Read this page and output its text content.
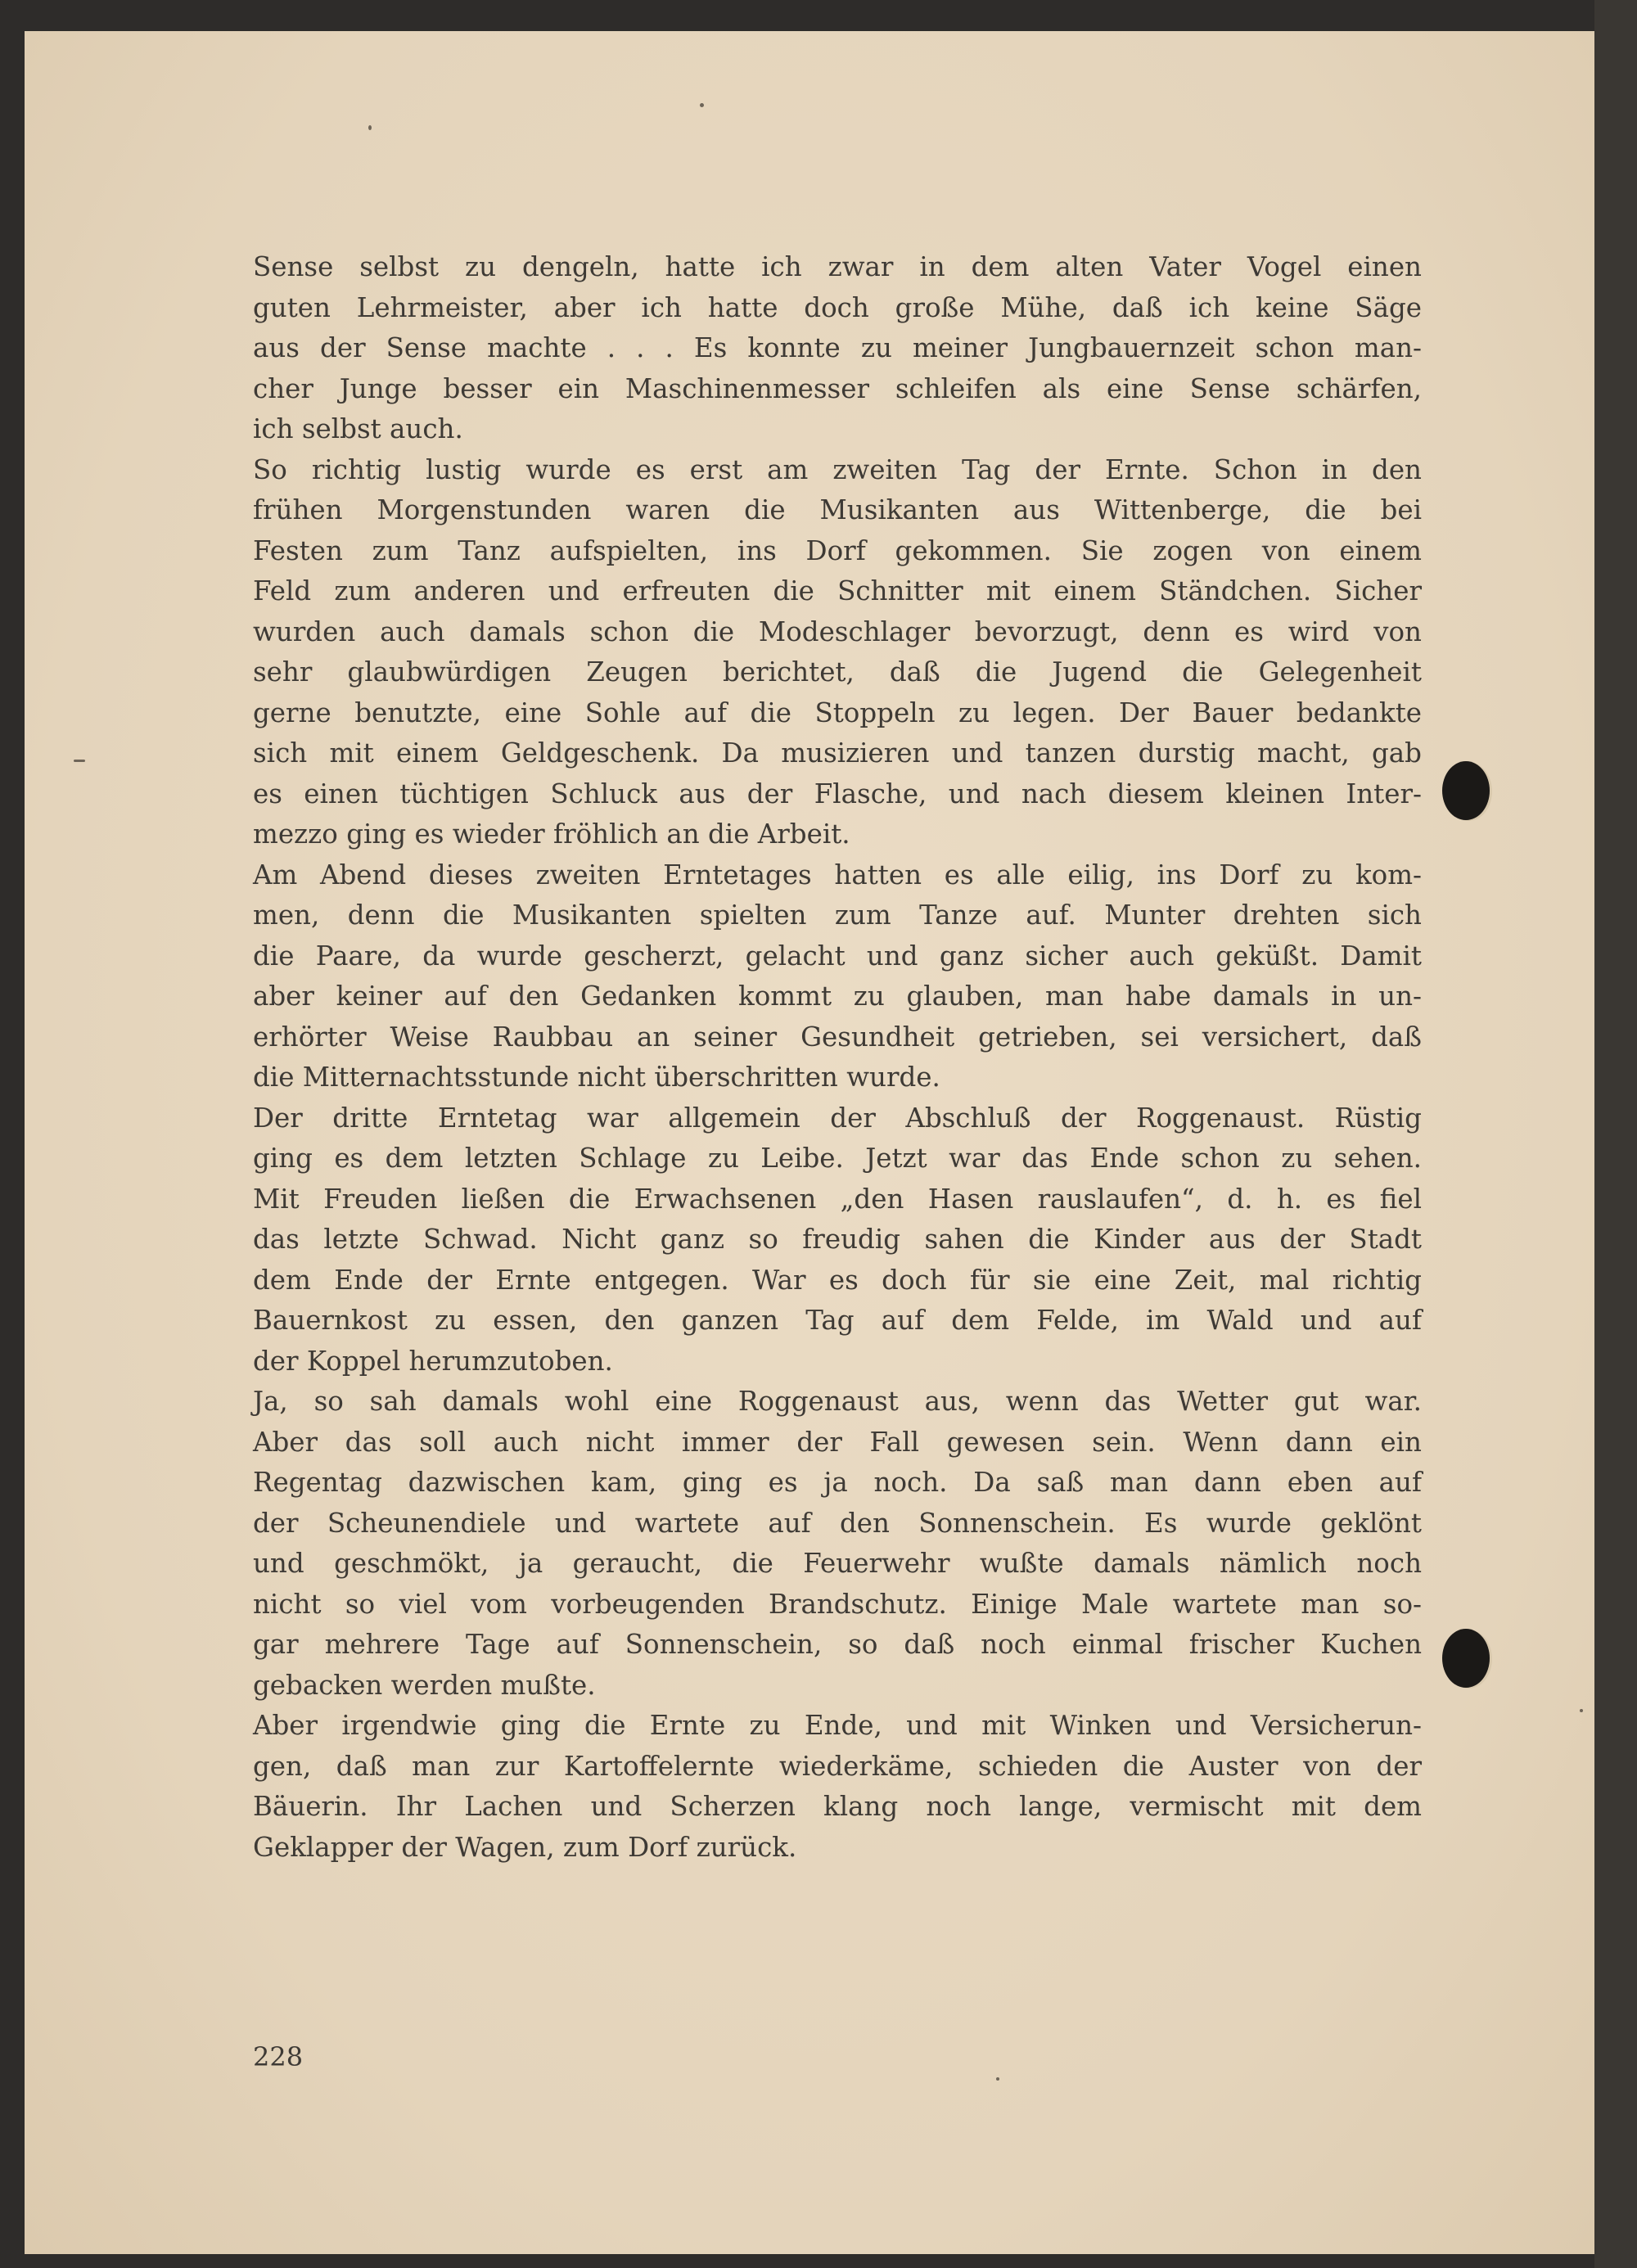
Sense selbst zu dengeln, hatte ich zwar in dem alten Vater Vogel einen
guten Lehrmeister, aber ich hatte doch große Mühe, daß ich keine Säge
aus der Sense machte . . . Es konnte zu meiner Jungbauernzeit schon man-
cher Junge besser ein Maschinenmesser schleifen als eine Sense schärfen,
ich selbst auch.
So richtig lustig wurde es erst am zweiten Tag der Ernte. Schon in den
frühen Morgenstunden waren die Musikanten aus Wittenberge, die bei
Festen zum Tanz aufspielten, ins Dorf gekommen. Sie zogen von einem
Feld zum anderen und erfreuten die Schnitter mit einem Ständchen. Sicher
wurden auch damals schon die Modeschlager bevorzugt, denn es wird von
sehr glaubwürdigen Zeugen berichtet, daß die Jugend die Gelegenheit
gerne benutzte, eine Sohle auf die Stoppeln zu legen. Der Bauer bedankte
sich mit einem Geldgeschenk. Da musizieren und tanzen durstig macht, gab
es einen tüchtigen Schluck aus der Flasche, und nach diesem kleinen Inter-
mezzo ging es wieder fröhlich an die Arbeit.
Am Abend dieses zweiten Erntetages hatten es alle eilig, ins Dorf zu kom-
men, denn die Musikanten spielten zum Tanze auf. Munter drehten sich
die Paare, da wurde gescherzt, gelacht und ganz sicher auch geküßt. Damit
aber keiner auf den Gedanken kommt zu glauben, man habe damals in un-
erhörter Weise Raubbau an seiner Gesundheit getrieben, sei versichert, daß
die Mitternachtsstunde nicht überschritten wurde.
Der dritte Erntetag war allgemein der Abschluß der Roggenaust. Rüstig
ging es dem letzten Schlage zu Leibe. Jetzt war das Ende schon zu sehen.
Mit Freuden ließen die Erwachsenen „den Hasen rauslaufen“, d. h. es fiel
das letzte Schwad. Nicht ganz so freudig sahen die Kinder aus der Stadt
dem Ende der Ernte entgegen. War es doch für sie eine Zeit, mal richtig
Bauernkost zu essen, den ganzen Tag auf dem Felde, im Wald und auf
der Koppel herumzutoben.
Ja, so sah damals wohl eine Roggenaust aus, wenn das Wetter gut war.
Aber das soll auch nicht immer der Fall gewesen sein. Wenn dann ein
Regentag dazwischen kam, ging es ja noch. Da saß man dann eben auf
der Scheunendiele und wartete auf den Sonnenschein. Es wurde geklönt
und geschmökt, ja geraucht, die Feuerwehr wußte damals nämlich noch
nicht so viel vom vorbeugenden Brandschutz. Einige Male wartete man so-
gar mehrere Tage auf Sonnenschein, so daß noch einmal frischer Kuchen
gebacken werden mußte.
Aber irgendwie ging die Ernte zu Ende, und mit Winken und Versicherun-
gen, daß man zur Kartoffelernte wiederkäme, schieden die Auster von der
Bäuerin. Ihr Lachen und Scherzen klang noch lange, vermischt mit dem
Geklapper der Wagen, zum Dorf zurück.
228
